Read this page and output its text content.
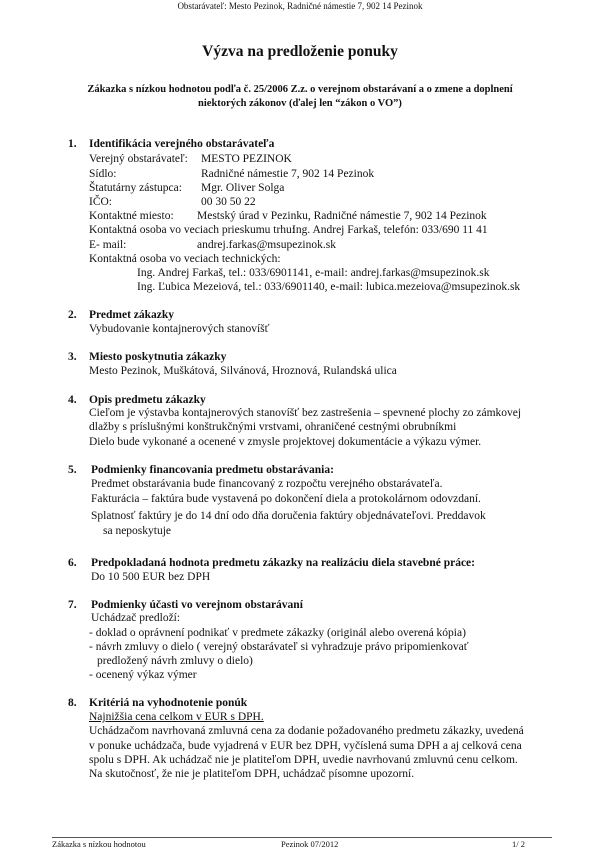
Obstarávateľ: Mesto Pezinok, Radničné námestie 7, 902 14 Pezinok
Výzva na predloženie ponuky
Zákazka s nízkou hodnotou podľa č. 25/2006 Z.z. o verejnom obstarávaní a o zmene a doplnení
niektorých zákonov (ďalej len “zákon o VO”)
1. Identifikácia verejného obstarávateľa
Verejný obstarávateľ: MESTO PEZINOK
Sídlo:	Radničné námestie 7, 902 14 Pezinok
Štatutárny zástupca: Mgr. Oliver Solga
IČO:	00 30 50 22
Kontaktné miesto: Mestský úrad v Pezinku, Radničné námestie 7, 902 14 Pezinok
Kontaktná osoba vo veciach prieskumu trhu:
Ing. Andrej Farkaš, telefón: 033/690 11 41
E- mail:	andrej.farkas@msupezinok.sk
Kontaktná osoba vo veciach technických:
Ing. Andrej Farkaš, tel.: 033/6901141, e-mail: andrej.farkas@msupezinok.sk
Ing. Ľubica Mezeiová, tel.: 033/6901140, e-mail: lubica.mezeiova@msupezinok.sk
2. Predmet zákazky
Vybudovanie kontajnerových stanovíšť
3. Miesto poskytnutia zákazky
Mesto Pezinok, Muškátová, Silvánová, Hroznová, Rulandská ulica
4. Opis predmetu zákazky
Cieľom je výstavba kontajnerových stanovíšť bez zastrešenia – spevnené plochy zo zámkovej
dlažby s príslušnými konštrukčnými vrstvami, ohraničené cestnými obrubníkmi
Dielo bude vykonané a ocenené v zmysle projektovej dokumentácie a výkazu výmer.
5. Podmienky financovania predmetu obstarávania:
Predmet obstarávania bude financovaný z rozpočtu verejného obstarávateľa.
Fakturácia – faktúra bude vystavená po dokončení diela a protokolárnom odovzdaní.
Splatnosť faktúry je do 14 dní odo dňa doručenia faktúry objednávateľovi. Preddavok
sa neposkytuje
6. Predpokladaná hodnota predmetu zákazky na realizáciu diela stavebné práce:
Do 10 500 EUR bez DPH
7. Podmienky účasti vo verejnom obstarávaní
Uchádzač predloží:
- doklad o oprávnení podnikať v predmete zákazky (originál alebo overená kópia)
- návrh zmluvy o dielo ( verejný obstarávateľ si vyhradzuje právo pripomienkovať
predložený návrh zmluvy o dielo)
- ocenený výkaz výmer
8. Kritériá na vyhodnotenie ponúk
Najnižšia cena celkom v EUR s DPH.
Uchádzačom navrhovaná zmluvná cena za dodanie požadovaného predmetu zákazky, uvedená
v ponuke uchádzača, bude vyjadrená v EUR bez DPH, vyčíslená suma DPH a aj celková cena
spolu s DPH. Ak uchádzač nie je platiteľom DPH, uvedie navrhovanú zmluvnú cenu celkom.
Na skutočnosť, že nie je platiteľom DPH, uchádzač písomne upozorní.
Zákazka s nízkou hodnotou	Pezinok 07/2012	1/ 2
